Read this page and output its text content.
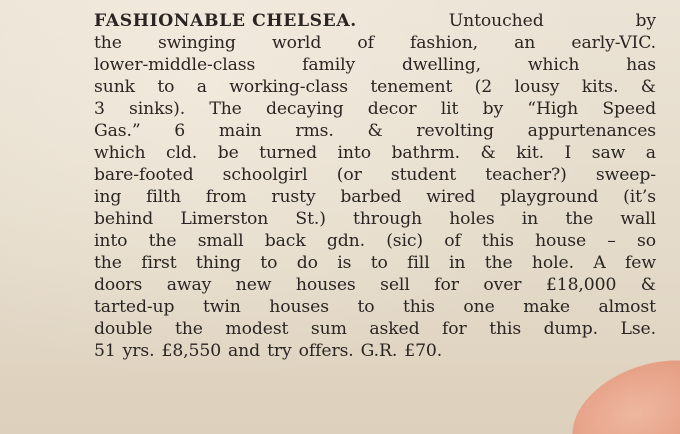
FASHIONABLE CHELSEA.	Untouched	by
the swinging world of fashion, an early-VIC.
lower-middle-class	family	dwelling,	which	has
sunk to a working-class tenement (2 lousy kits. &
3 sinks). The decaying decor lit by “High Speed
Gas.” 6 main rms. & revolting appurtenances
which cld. be turned into bathrm. & kit. I saw a
bare-footed schoolgirl (or student teacher?) sweep-
ing filth from rusty barbed wired playground (it’s
behind Limerston St.) through holes in the wall
into the small back gdn. (sic) of this house – so
the first thing to do is to fill in the hole. A few
doors away new houses sell for over £18,000 &
tarted-up twin houses to this one make almost
double the modest sum asked for this dump. Lse.
51 yrs. £8,550 and try offers. G.R. £70.
